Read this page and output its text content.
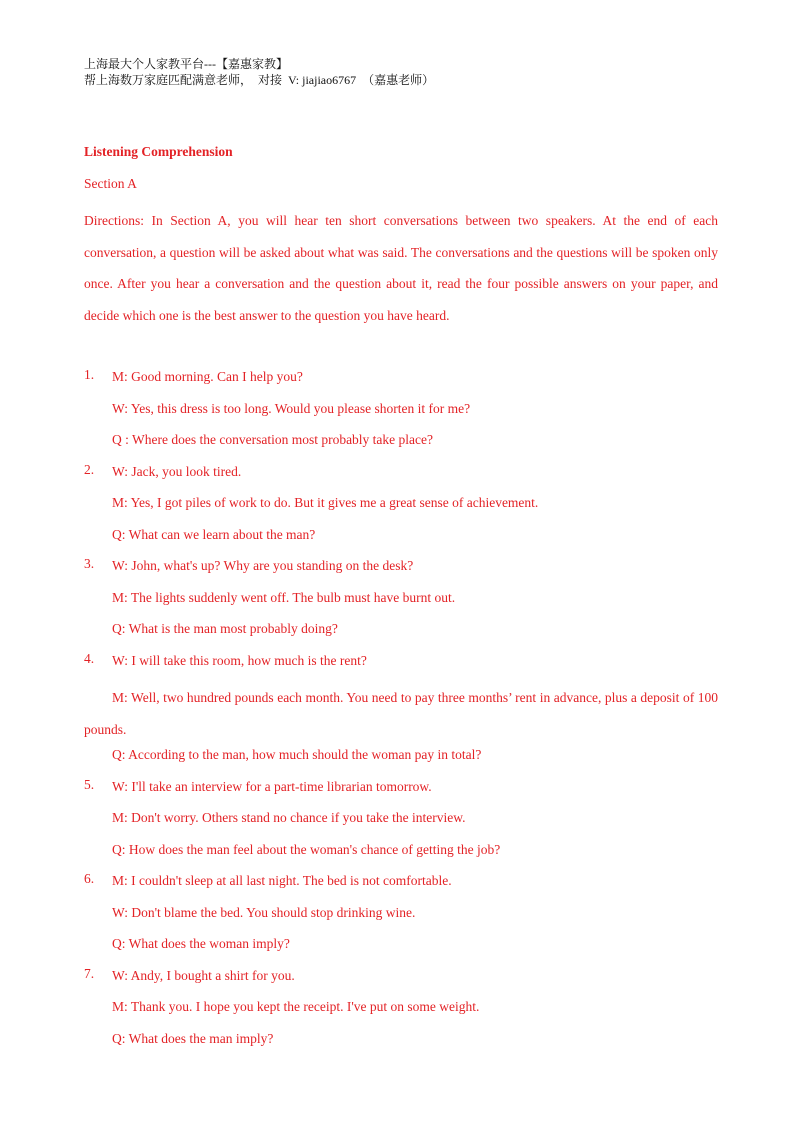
上海最大个人家教平台---【嘉惠家教】
帮上海数万家庭匹配满意老师，  对接  V: jiajiao6767  （嘉惠老师）
Listening Comprehension
Section A
Directions: In Section A, you will hear ten short conversations between two speakers. At the end of each conversation, a question will be asked about what was said. The conversations and the questions will be spoken only once. After you hear a conversation and the question about it, read the four possible answers on your paper, and decide which one is the best answer to the question you have heard.
1.	M: Good morning. Can I help you?
W: Yes, this dress is too long. Would you please shorten it for me?
Q : Where does the conversation most probably take place?
2.	W: Jack, you look tired.
M: Yes, I got piles of work to do. But it gives me a great sense of achievement.
Q: What can we learn about the man?
3.	W: John, what's up? Why are you standing on the desk?
M: The lights suddenly went off. The bulb must have burnt out.
Q: What is the man most probably doing?
4.	W: I will take this room, how much is the rent?
M: Well, two hundred pounds each month. You need to pay three months’ rent in advance, plus a deposit of 100 pounds.
Q: According to the man, how much should the woman pay in total?
5.	W: I'll take an interview for a part-time librarian tomorrow.
M: Don't worry. Others stand no chance if you take the interview.
Q: How does the man feel about the woman's chance of getting the job?
6.	M: I couldn't sleep at all last night. The bed is not comfortable.
W: Don't blame the bed. You should stop drinking wine.
Q: What does the woman imply?
7.	W: Andy, I bought a shirt for you.
M: Thank you. I hope you kept the receipt. I've put on some weight.
Q: What does the man imply?
